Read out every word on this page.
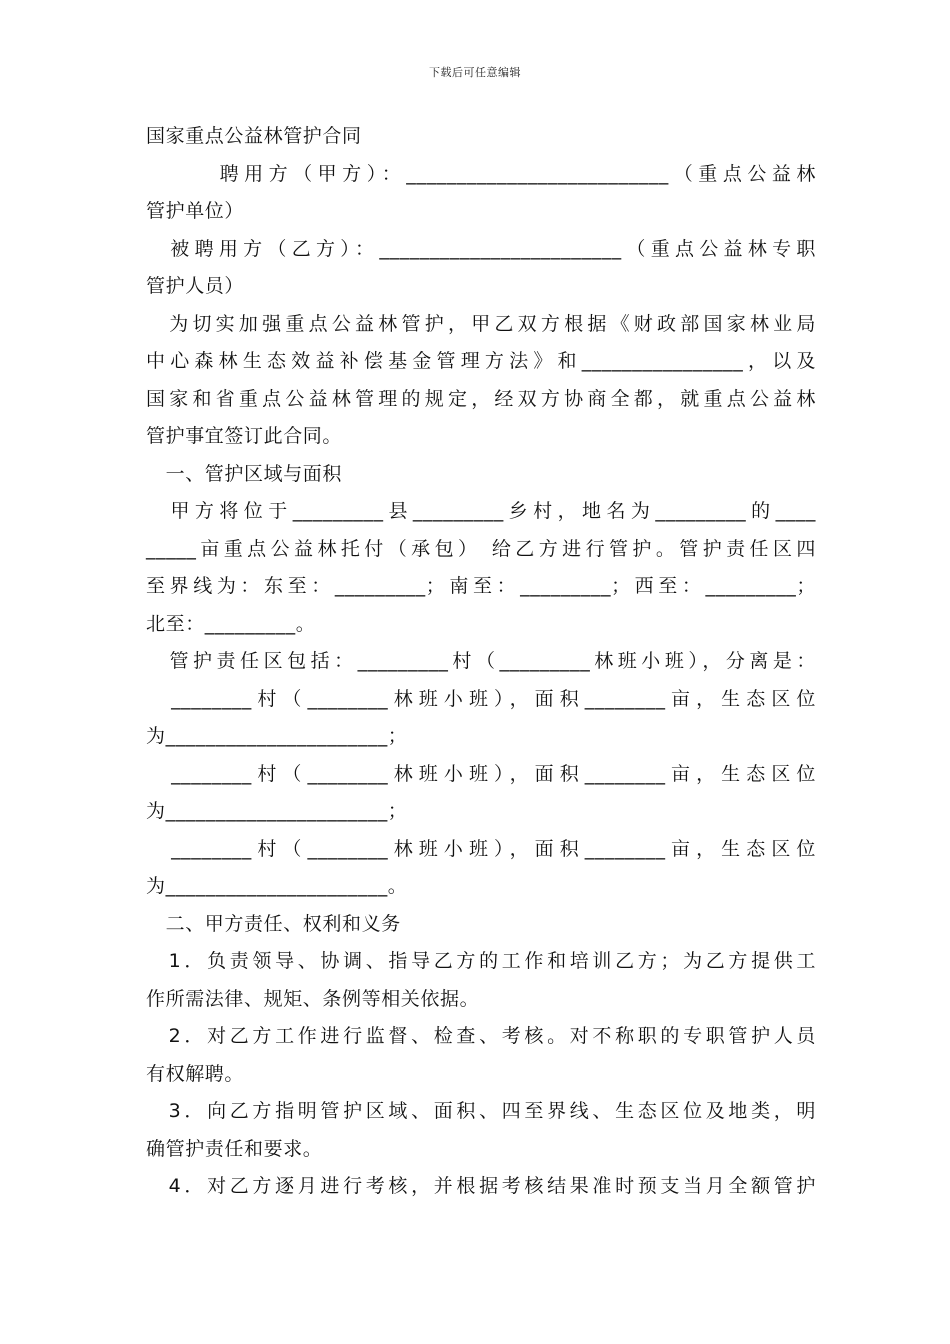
下载后可任意编辑
国家重点公益林管护合同
　　　聘用方（甲方）：__________________________（重点公益林
管护单位）
　被聘用方（乙方）：________________________（重点公益林专职
管护人员）
　为切实加强重点公益林管护，甲乙双方根据《财政部国家林业局
中心森林生态效益补偿基金管理方法》和________________，以及
国家和省重点公益林管理的规定，经双方协商全都，就重点公益林
管护事宜签订此合同。
　一、管护区域与面积
　甲方将位于_________县_________乡村，地名为_________的____
_____亩重点公益林托付（承包） 给乙方进行管护。管护责任区四
至界线为：东至：_________；南至：_________；西至：_________；
北至：_________。
　管护责任区包括：_________村（_________林班小班），分离是：
　________村（________林班小班），面积________亩，生态区位
为______________________；
　________村（________林班小班），面积________亩，生态区位
为______________________；
　________村（________林班小班），面积________亩，生态区位
为______________________。
　二、甲方责任、权利和义务
　1．负责领导、协调、指导乙方的工作和培训乙方；为乙方提供工
作所需法律、规矩、条例等相关依据。
　2．对乙方工作进行监督、检查、考核。对不称职的专职管护人员
有权解聘。
　3．向乙方指明管护区域、面积、四至界线、生态区位及地类，明
确管护责任和要求。
　4．对乙方逐月进行考核，并根据考核结果准时预支当月全额管护
